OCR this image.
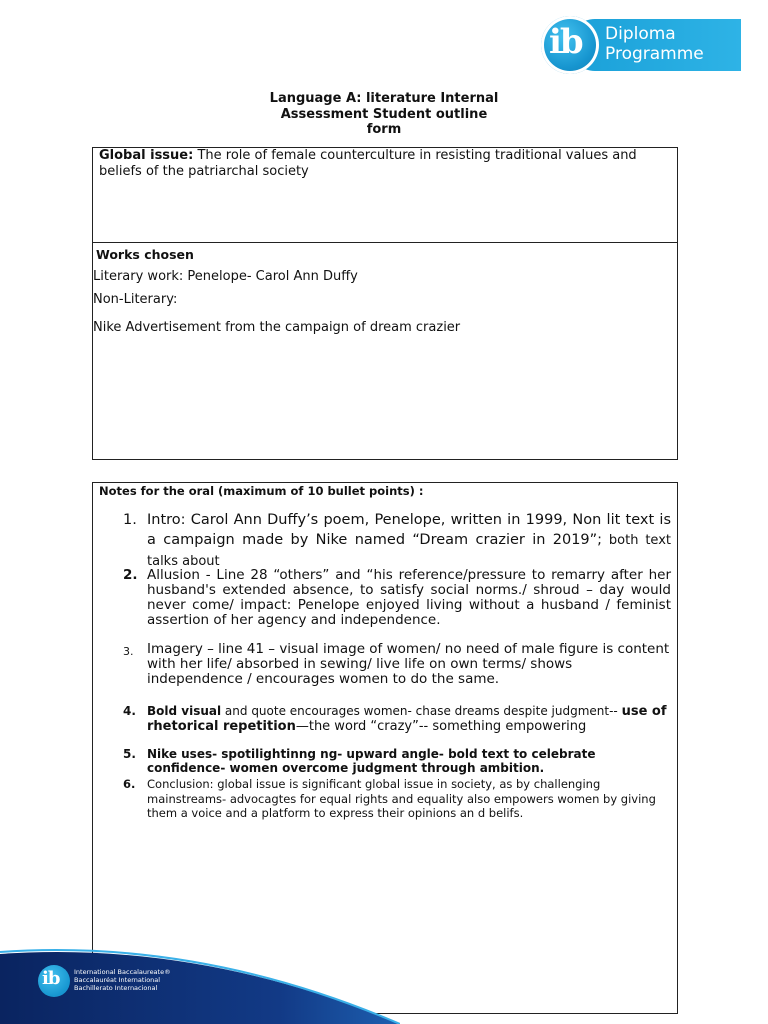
ib Diploma
Programme
Language A: literature Internal
Assessment Student outline
form
Global issue: The role of female counterculture in resisting traditional values and beliefs of the patriarchal society
Works chosen
Literary work: Penelope- Carol Ann Duffy
Non-Literary:
Nike Advertisement from the campaign of dream crazier
Notes for the oral (maximum of 10 bullet points) :
1. Intro: Carol Ann Duffy’s poem, Penelope, written in 1999, Non lit text is a campaign made by Nike named “Dream crazier in 2019”; both text talks about
2. Allusion - Line 28 “others” and “his reference/pressure to remarry after her husband's extended absence, to satisfy social norms./ shroud – day would never come/ impact: Penelope enjoyed living without a husband / feminist assertion of her agency and independence.
3. Imagery – line 41 – visual image of women/ no need of male figure is content with her life/ absorbed in sewing/ live life on own terms/ shows independence / encourages women to do the same.
4. Bold visual and quote encourages women- chase dreams despite judgment-- use of rhetorical repetition—the word “crazy”-- something empowering
5. Nike uses- spotilightinng ng- upward angle- bold text to celebrate confidence- women overcome judgment through ambition.
6. Conclusion: global issue is significant global issue in society, as by challenging mainstreams- advocagtes for equal rights and equality also empowers women by giving them a voice and a platform to express their opinions an d belifs.
ib International Baccalaureate®
Baccalauréat International
Bachillerato Internacional
